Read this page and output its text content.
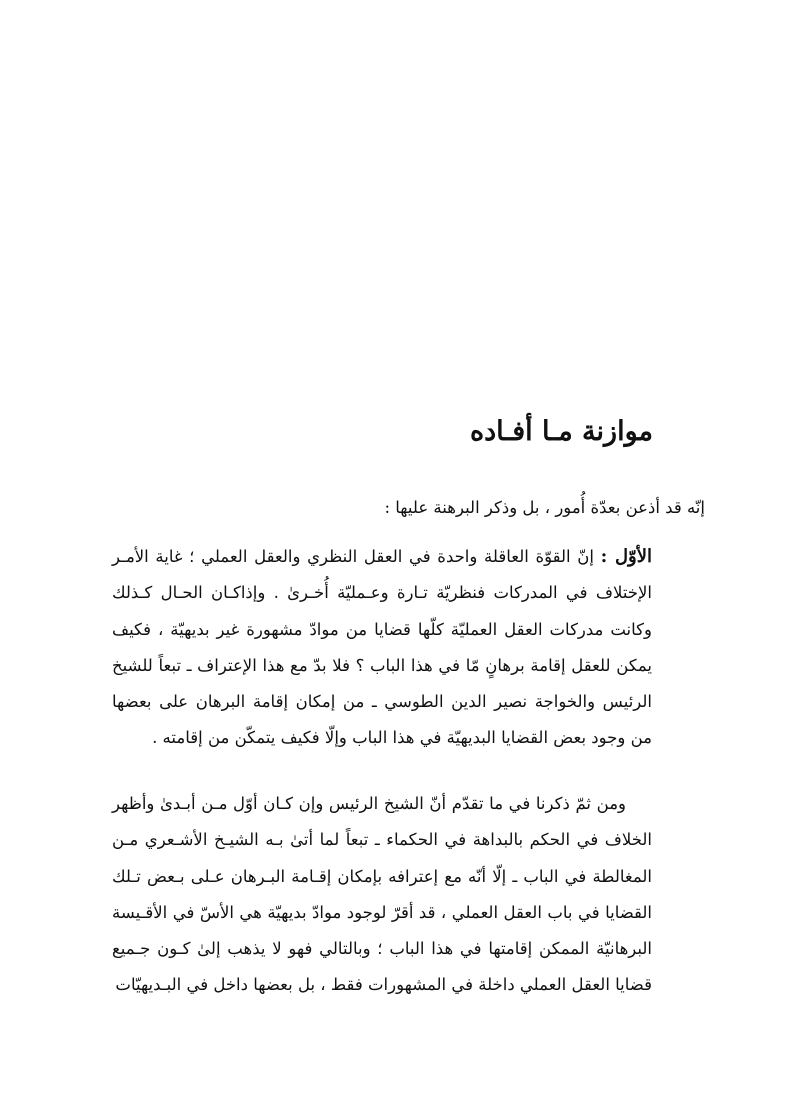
موازنة مـا أفـاده

إنّه قد أذعن بعدّة أُمور ، بل وذكر البرهنة عليها :

الأوّل : إنّ القوّة العاقلة واحدة في العقل النظري والعقل العملي ؛ غاية الأمـر الإختلاف في المدركات فنظريّة تـارة وعـمليّة أُخـرىٰ . وإذاكـان الحـال كـذلك وكانت مدركات العقل العمليّة كلّها قضايا من موادّ مشهورة غير بديهيّة ، فكيف يمكن للعقل إقامة برهانٍ مّا في هذا الباب ؟ فلا بدّ مع هذا الإعتراف ـ تبعاً للشيخ الرئيس والخواجة نصير الدين الطوسي ـ من إمكان إقامة البرهان على بعضها من وجود بعض القضايا البديهيّة في هذا الباب وإلّا فكيف يتمكّن من إقامته .

ومن ثمّ ذكرنا في ما تقدّم أنّ الشيخ الرئيس وإن كـان أوّل مـن أبـدىٰ وأظهر الخلاف في الحكم بالبداهة في الحكماء ـ تبعاً لما أتىٰ بـه الشيـخ الأشـعري مـن المغالطة في الباب ـ إلّا أنّه مع إعترافه بإمكان إقـامة البـرهان عـلى بـعض تـلك القضايا في باب العقل العملي ، قد أقرّ لوجود موادّ بديهيّة هي الأسّ في الأقـيسة البرهانيّة الممكن إقامتها في هذا الباب ؛ وبالتالي فهو لا يذهب إلىٰ كـون جـميع قضايا العقل العملي داخلة في المشهورات فقط ، بل بعضها داخل في البـديهيّات
